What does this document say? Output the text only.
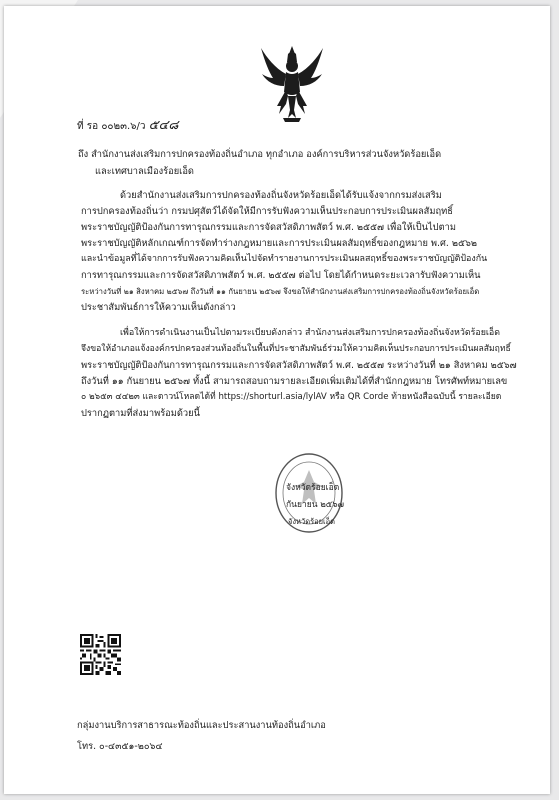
ที่ รอ ๐๐๒๓.๖/ว ๕๔๘
ถึง สำนักงานส่งเสริมการปกครองท้องถิ่นอำเภอ ทุกอำเภอ องค์การบริหารส่วนจังหวัดร้อยเอ็ด
และเทศบาลเมืองร้อยเอ็ด
ด้วยสำนักงานส่งเสริมการปกครองท้องถิ่นจังหวัดร้อยเอ็ดได้รับแจ้งจากกรมส่งเสริม
การปกครองท้องถิ่นว่า กรมปศุสัตว์ได้จัดให้มีการรับฟังความเห็นประกอบการประเมินผลสัมฤทธิ์
พระราชบัญญัติป้องกันการทารุณกรรมและการจัดสวัสดิภาพสัตว์ พ.ศ. ๒๕๕๗ เพื่อให้เป็นไปตาม
พระราชบัญญัติหลักเกณฑ์การจัดทำร่างกฎหมายและการประเมินผลสัมฤทธิ์ของกฎหมาย พ.ศ. ๒๕๖๒
และนำข้อมูลที่ได้จากการรับฟังความคิดเห็นไปจัดทำรายงานการประเมินผลสฤทธิ์ของพระราชบัญญัติป้องกัน
การทารุณกรรมและการจัดสวัสดิภาพสัตว์ พ.ศ. ๒๕๕๗ ต่อไป โดยได้กำหนดระยะเวลารับฟังความเห็น
ระหว่างวันที่ ๒๑ สิงหาคม ๒๕๖๗ ถึงวันที่ ๑๑ กันยายน ๒๕๖๗ จึงขอให้สำนักงานส่งเสริมการปกครองท้องถิ่นจังหวัดร้อยเอ็ด
ประชาสัมพันธ์การให้ความเห็นดังกล่าว
เพื่อให้การดำเนินงานเป็นไปตามระเบียบดังกล่าว สำนักงานส่งเสริมการปกครองท้องถิ่นจังหวัดร้อยเอ็ด
จึงขอให้อำเภอแจ้งองค์กรปกครองส่วนท้องถิ่นในพื้นที่ประชาสัมพันธ์ร่วมให้ความคิดเห็นประกอบการประเมินผลสัมฤทธิ์
พระราชบัญญัติป้องกันการทารุณกรรมและการจัดสวัสดิภาพสัตว์ พ.ศ. ๒๕๕๗ ระหว่างวันที่ ๒๑ สิงหาคม ๒๕๖๗
ถึงวันที่ ๑๑ กันยายน ๒๕๖๗ ทั้งนี้ สามารถสอบถามรายละเอียดเพิ่มเติมได้ที่สำนักกฎหมาย โทรศัพท์หมายเลข
๐ ๒๖๕๓ ๔๔๒๓ และดาวน์โหลดได้ที่ https://shorturl.asia/lylAV หรือ QR Corde ท้ายหนังสือฉบับนี้ รายละเอียด
ปรากฏตามที่ส่งมาพร้อมด้วยนี้
จังหวัดร้อยเอ็ด
กันยายน ๒๕๖๗
จังหวัดร้อยเอ็ด
กลุ่มงานบริการสาธารณะท้องถิ่นและประสานงานท้องถิ่นอำเภอ
โทร. ๐-๔๓๕๑-๒๐๖๔
